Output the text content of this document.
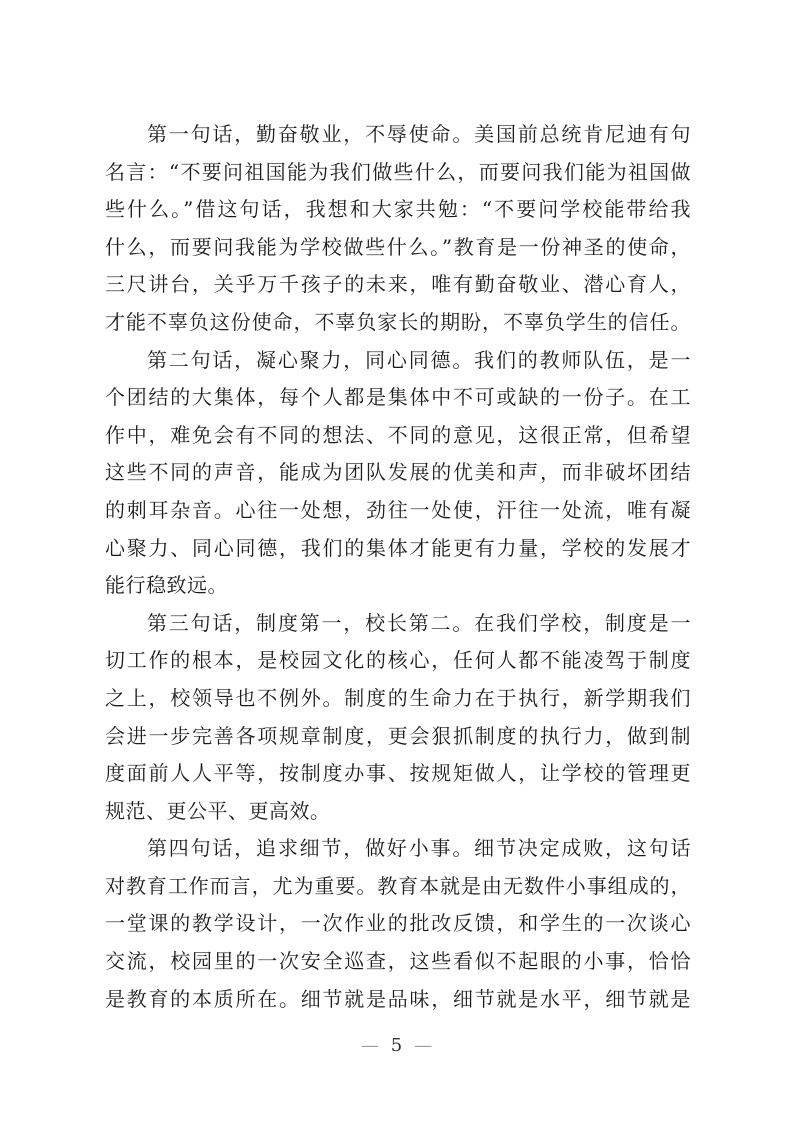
第一句话，勤奋敬业，不辱使命。美国前总统肯尼迪有句
名言：“不要问祖国能为我们做些什么，而要问我们能为祖国做
些什么。”借这句话，我想和大家共勉：“不要问学校能带给我
什么，而要问我能为学校做些什么。”教育是一份神圣的使命，
三尺讲台，关乎万千孩子的未来，唯有勤奋敬业、潜心育人，
才能不辜负这份使命，不辜负家长的期盼，不辜负学生的信任。
第二句话，凝心聚力，同心同德。我们的教师队伍，是一
个团结的大集体，每个人都是集体中不可或缺的一份子。在工
作中，难免会有不同的想法、不同的意见，这很正常，但希望
这些不同的声音，能成为团队发展的优美和声，而非破坏团结
的刺耳杂音。心往一处想，劲往一处使，汗往一处流，唯有凝
心聚力、同心同德，我们的集体才能更有力量，学校的发展才
能行稳致远。
第三句话，制度第一，校长第二。在我们学校，制度是一
切工作的根本，是校园文化的核心，任何人都不能凌驾于制度
之上，校领导也不例外。制度的生命力在于执行，新学期我们
会进一步完善各项规章制度，更会狠抓制度的执行力，做到制
度面前人人平等，按制度办事、按规矩做人，让学校的管理更
规范、更公平、更高效。
第四句话，追求细节，做好小事。细节决定成败，这句话
对教育工作而言，尤为重要。教育本就是由无数件小事组成的，
一堂课的教学设计，一次作业的批改反馈，和学生的一次谈心
交流，校园里的一次安全巡查，这些看似不起眼的小事，恰恰
是教育的本质所在。细节就是品味，细节就是水平，细节就是
— 5 —
